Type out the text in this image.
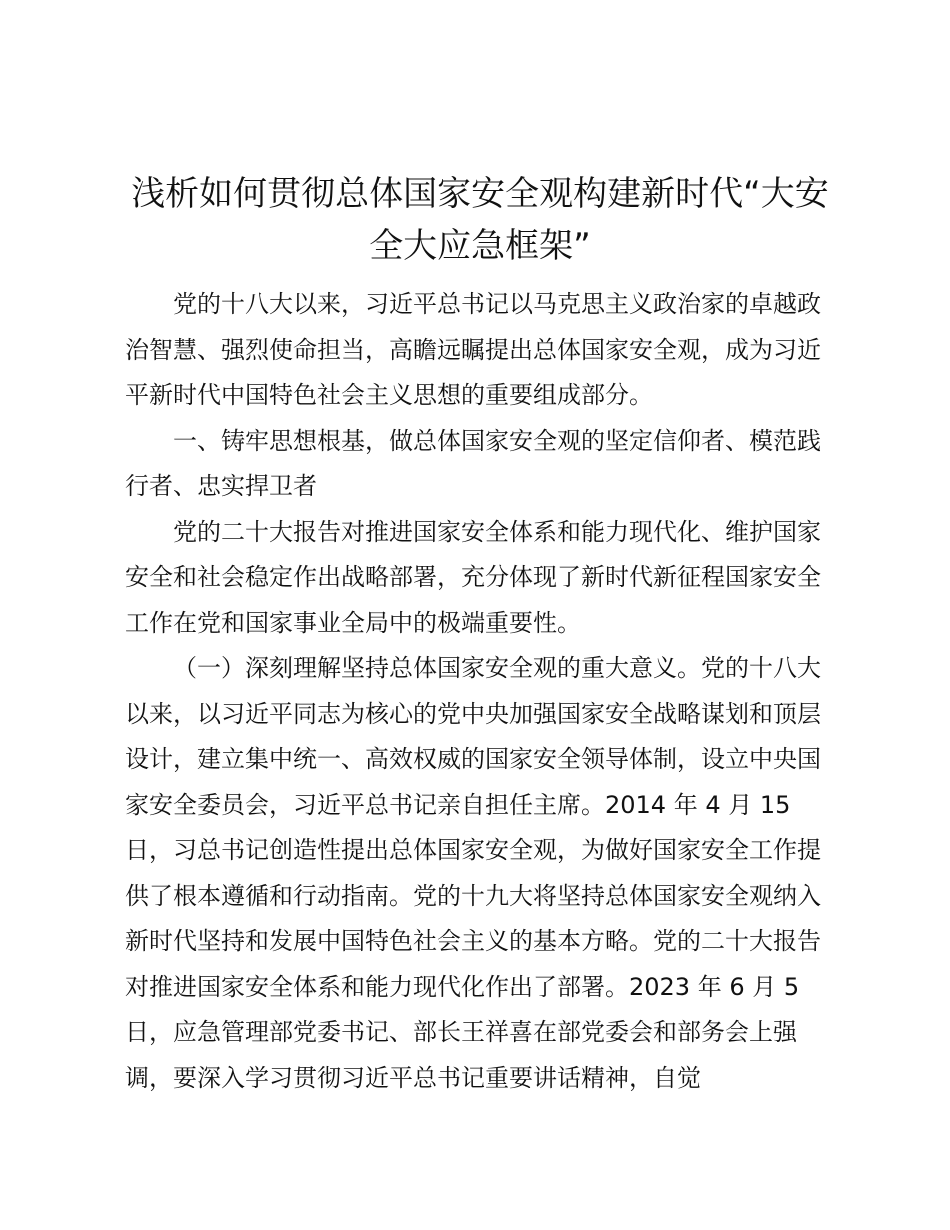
浅析如何贯彻总体国家安全观构建新时代“大安全大应急框架”

党的十八大以来，习近平总书记以马克思主义政治家的卓越政治智慧、强烈使命担当，高瞻远瞩提出总体国家安全观，成为习近平新时代中国特色社会主义思想的重要组成部分。

一、铸牢思想根基，做总体国家安全观的坚定信仰者、模范践行者、忠实捍卫者

党的二十大报告对推进国家安全体系和能力现代化、维护国家安全和社会稳定作出战略部署，充分体现了新时代新征程国家安全工作在党和国家事业全局中的极端重要性。

（一）深刻理解坚持总体国家安全观的重大意义。党的十八大以来，以习近平同志为核心的党中央加强国家安全战略谋划和顶层设计，建立集中统一、高效权威的国家安全领导体制，设立中央国家安全委员会，习近平总书记亲自担任主席。2014 年 4 月 15 日，习总书记创造性提出总体国家安全观，为做好国家安全工作提供了根本遵循和行动指南。党的十九大将坚持总体国家安全观纳入新时代坚持和发展中国特色社会主义的基本方略。党的二十大报告对推进国家安全体系和能力现代化作出了部署。2023 年 6 月 5 日，应急管理部党委书记、部长王祥喜在部党委会和部务会上强调，要深入学习贯彻习近平总书记重要讲话精神，自觉
